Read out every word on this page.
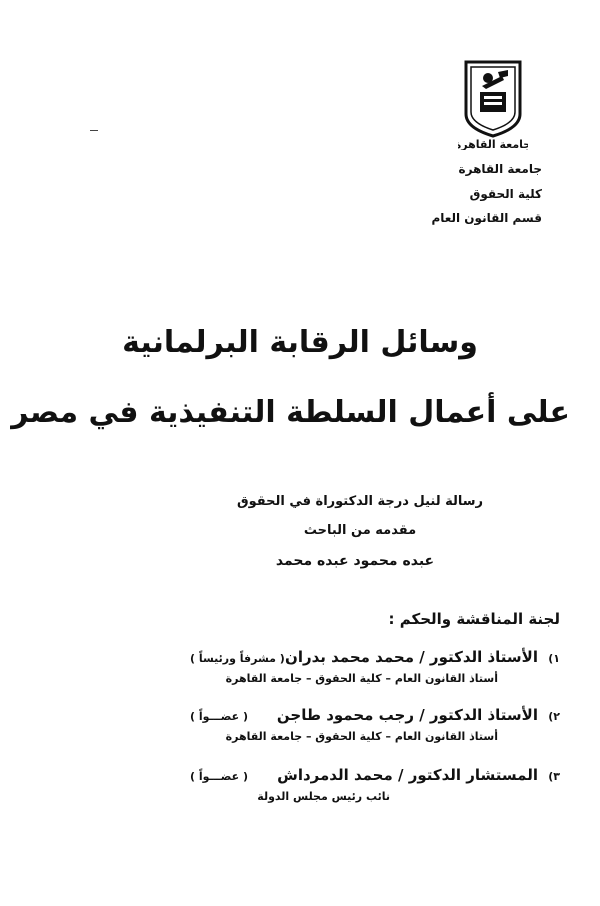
جامعة القاهرة
جامعة القاهرة
كلية الحقوق
قسم القانون العام
وسائل الرقابة البرلمانية
على أعمال السلطة التنفيذية في مصر
رسالة لنيل درجة الدكتوراة في الحقوق
مقدمه من الباحث
عبده محمود عبده محمد
لجنة المناقشة والحكم :
١)
الأستاذ الدكتور / محمد محمد بدران
( مشرفاً ورئيساً )
أستاذ القانون العام – كلية الحقوق – جامعة القاهرة
٢)
الأستاذ الدكتور / رجب محمود طاجن
( عضـــواً )
أستاذ القانون العام – كلية الحقوق – جامعة القاهرة
٣)
المستشار الدكتور / محمد الدمرداش
( عضـــواً )
نائب رئيس مجلس الدولة
